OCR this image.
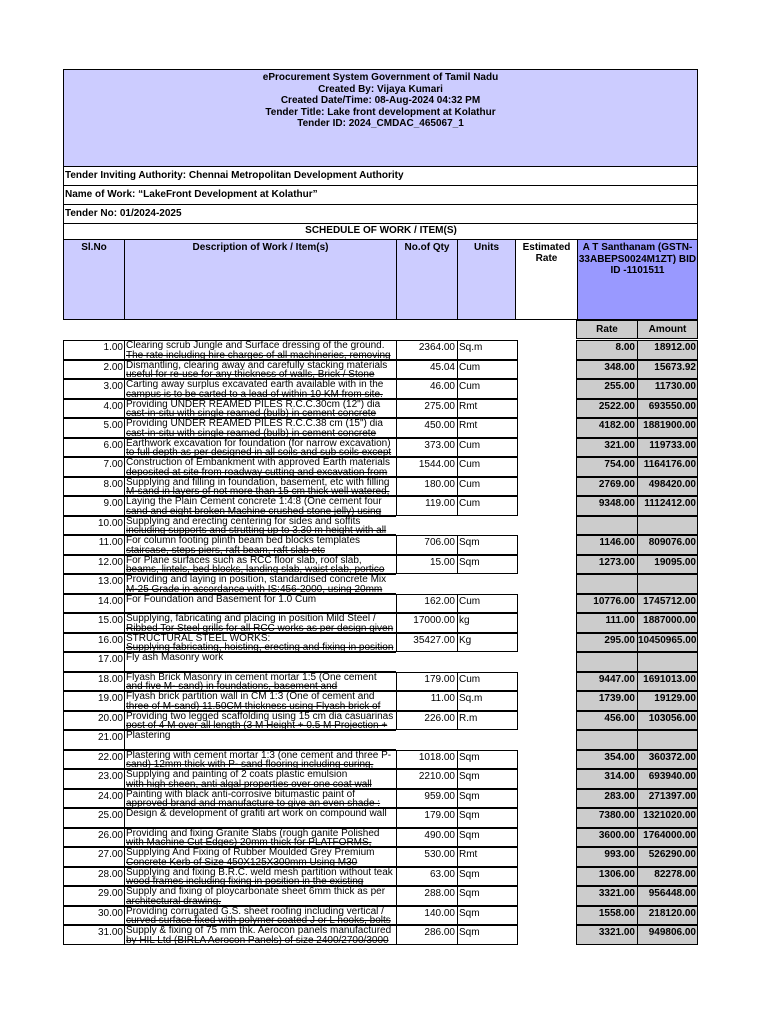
eProcurement System Government of Tamil Nadu
Created By: Vijaya Kumari
Created Date/Time: 08-Aug-2024 04:32 PM
Tender Title: Lake front development at Kolathur
Tender ID: 2024_CMDAC_465067_1
Tender Inviting Authority: Chennai Metropolitan Development Authority
Name of Work: “LakeFront Development at Kolathur”
Tender No: 01/2024-2025
SCHEDULE OF WORK / ITEM(S)
Sl.No	Description of Work / Item(s)	No.of Qty	Units	Estimated Rate
A T Santhanam (GSTN-33ABEPS0024M1ZT) BID ID -1101511
Rate	Amount
1.00 Clearing scrub Jungle and Surface dressing of the ground.
The rate including hire charges of all machineries, removing
2364.00 Sq.m	8.00	18912.00
2.00 Dismantling, clearing away and carefully stacking materials
useful for re-use for any thickness of walls, Brick / Stone
45.04 Cum	348.00	15673.92
3.00 Carting away surplus excavated earth available with in the
campus is to be carted to a lead of within 10 KM from site.
46.00 Cum	255.00	11730.00
4.00 Providing UNDER REAMED PILES R.C.C.30cm (12") dia
cast-in-situ with single reamed (bulb) in cement concrete
275.00 Rmt	2522.00	693550.00
5.00 Providing UNDER REAMED PILES R.C.C.38 cm (15") dia
cast-in-situ with single reamed (bulb) in cement concrete
450.00 Rmt	4182.00 1881900.00
6.00 Earthwork excavation for foundation (for narrow excavation)
to full depth as per designed in all soils and sub soils except
373.00 Cum	321.00	119733.00
7.00 Construction of Embankment with approved Earth materials
deposited at site from roadway cutting and excavation from
1544.00 Cum	754.00 1164176.00
8.00 Supplying and filling in foundation, basement, etc with filling
M-sand in layers of not more than 15 cm thick well watered,
180.00 Cum	2769.00	498420.00
9.00 Laying the Plain Cement concrete 1:4:8 (One cement four
sand and eight broken Machine crushed stone jelly) using
119.00 Cum	9348.00 1112412.00
10.00 Supplying and erecting centering for sides and soffits
including supports and strutting up to 3.30 m height with all
11.00 For column footing plinth beam bed blocks templates
staircase, steps piers, raft beam, raft slab etc
706.00 Sqm	1146.00	809076.00
12.00 For Plane surfaces such as RCC floor slab, roof slab,
beams, lintels, bed blocks, landing slab, waist slab, portico
15.00 Sqm	1273.00	19095.00
13.00 Providing and laying in position, standardised concrete Mix
M-25 Grade in accordance with IS:456-2000, using 20mm
14.00 For Foundation and Basement for 1.0 Cum	162.00 Cum	10776.00 1745712.00
15.00 Supplying, fabricating and placing in position Mild Steel /
Ribbed Tor Steel grills for all RCC works as per design given
17000.00 kg	111.00 1887000.00
16.00 STRUCTURAL STEEL WORKS:
Supplying fabricating, hoisting, erecting and fixing in position
35427.00 Kg	295.00 10450965.00
17.00 Fly ash Masonry work
18.00 Flyash Brick Masonry in cement mortar 1:5 (One cement
and five M- sand) in foundations, basement and
179.00 Cum	9447.00 1691013.00
19.00 Flyash brick partition wall in CM 1:3 (One of cement and
three of M-sand) 11.50CM thickness using Flyash brick of
11.00 Sq.m	1739.00	19129.00
20.00 Providing two legged scaffolding using 15 cm dia casuarinas
post of 4 M over all length (3 M Height + 0.5 M Projection +
226.00 R.m	456.00	103056.00
21.00 Plastering
22.00 Plastering with cement mortar 1:3 (one cement and three P-
sand) 12mm thick with P- sand flooring including curing,
1018.00 Sqm	354.00	360372.00
23.00 Supplying and painting of 2 coats plastic emulsion
with high sheen, anti algal properties over one coat wall
2210.00 Sqm	314.00	693940.00
24.00 Painting with black anti-corrosive bitumastic paint of
approved brand and manufacture to give an even shade :
959.00 Sqm	283.00	271397.00
25.00 Design & development of grafiti art work on compound wall	179.00 Sqm	7380.00 1321020.00
26.00 Providing and fixing Granite Slabs (rough ganite Polished
with Machine Cut Edges) 20mm thick for PLATFORMS,
490.00 Sqm	3600.00 1764000.00
27.00 Supplying And Fixing of Rubber Moulded Grey Premium
Concrete Kerb of Size 450X125X300mm Using M30
530.00 Rmt	993.00	526290.00
28.00 Supplying and fixing B.R.C. weld mesh partition without teak
wood frames including fixing in position in the existing
63.00 Sqm	1306.00	82278.00
29.00 Supply and fixing of ploycarbonate sheet 6mm thick as per
architectural drawing.
288.00 Sqm	3321.00	956448.00
30.00 Providing corrugated G.S. sheet roofing including vertical /
curved surface fixed with polymer coated J or L hooks, bolts
140.00 Sqm	1558.00	218120.00
31.00 Supply & fixing of 75 mm thk. Aerocon panels manufactured
by HIL Ltd (BIRLA Aerocon Panels) of size 2400/2700/3000
286.00 Sqm	3321.00	949806.00
